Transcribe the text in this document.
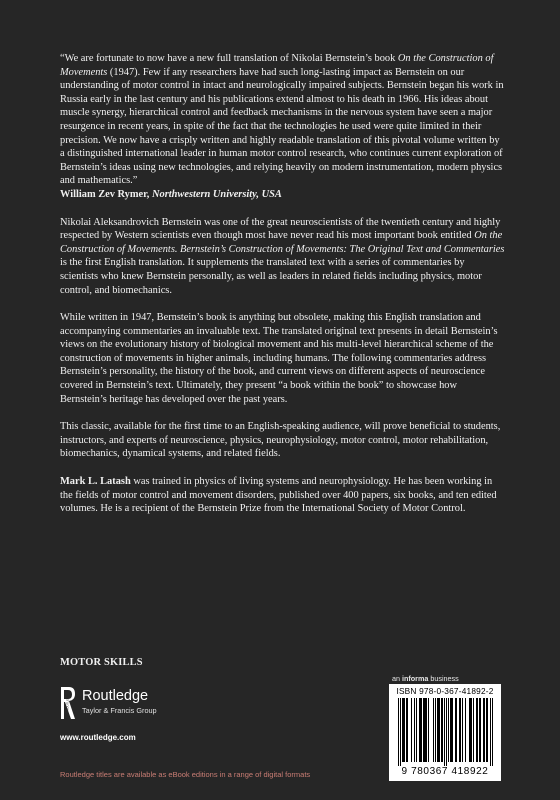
“We are fortunate to now have a new full translation of Nikolai Bernstein’s book On the Construction of Movements (1947). Few if any researchers have had such long-lasting impact as Bernstein on our understanding of motor control in intact and neurologically impaired subjects. Bernstein began his work in Russia early in the last century and his publications extend almost to his death in 1966. His ideas about muscle synergy, hierarchical control and feedback mechanisms in the nervous system have seen a major resurgence in recent years, in spite of the fact that the technologies he used were quite limited in their precision. We now have a crisply written and highly readable translation of this pivotal volume written by a distinguished international leader in human motor control research, who continues current exploration of Bernstein’s ideas using new technologies, and relying heavily on modern instrumentation, modern physics and mathematics.”
William Zev Rymer, Northwestern University, USA

Nikolai Aleksandrovich Bernstein was one of the great neuroscientists of the twentieth century and highly respected by Western scientists even though most have never read his most important book entitled On the Construction of Movements. Bernstein’s Construction of Movements: The Original Text and Commentaries is the first English translation. It supplements the translated text with a series of commentaries by scientists who knew Bernstein personally, as well as leaders in related fields including physics, motor control, and biomechanics.

While written in 1947, Bernstein’s book is anything but obsolete, making this English translation and accompanying commentaries an invaluable text. The translated original text presents in detail Bernstein’s views on the evolutionary history of biological movement and his multi-level hierarchical scheme of the construction of movements in higher animals, including humans. The following commentaries address Bernstein’s personality, the history of the book, and current views on different aspects of neuroscience covered in Bernstein’s text. Ultimately, they present “a book within the book” to showcase how Bernstein’s heritage has developed over the past years.

This classic, available for the first time to an English-speaking audience, will prove beneficial to students, instructors, and experts of neuroscience, physics, neurophysiology, motor control, motor rehabilitation, biomechanics, dynamical systems, and related fields.

Mark L. Latash was trained in physics of living systems and neurophysiology. He has been working in the fields of motor control and movement disorders, published over 400 papers, six books, and ten edited volumes. He is a recipient of the Bernstein Prize from the International Society of Motor Control.

MOTOR SKILLS
ROUTLEDGE Routledge
Taylor & Francis Group
www.routledge.com
Routledge titles are available as eBook editions in a range of digital formats
an informa business
ISBN 978-0-367-41892-2
9 780367 418922
